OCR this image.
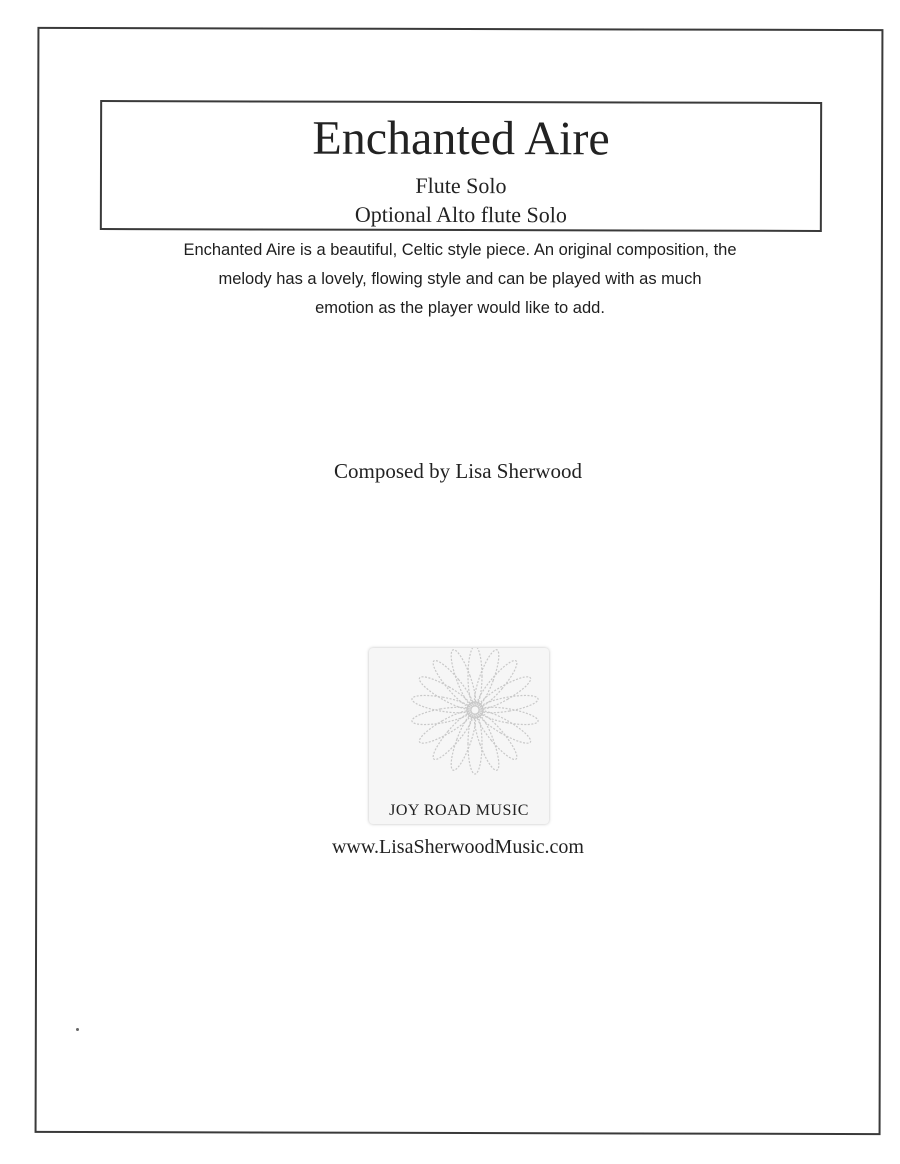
Enchanted Aire
Flute Solo
Optional Alto flute Solo
Enchanted Aire is a beautiful, Celtic style piece. An original composition, the
melody has a lovely, flowing style and can be played with as much
emotion as the player would like to add.
Composed by Lisa Sherwood
JOY ROAD MUSIC
www.LisaSherwoodMusic.com
